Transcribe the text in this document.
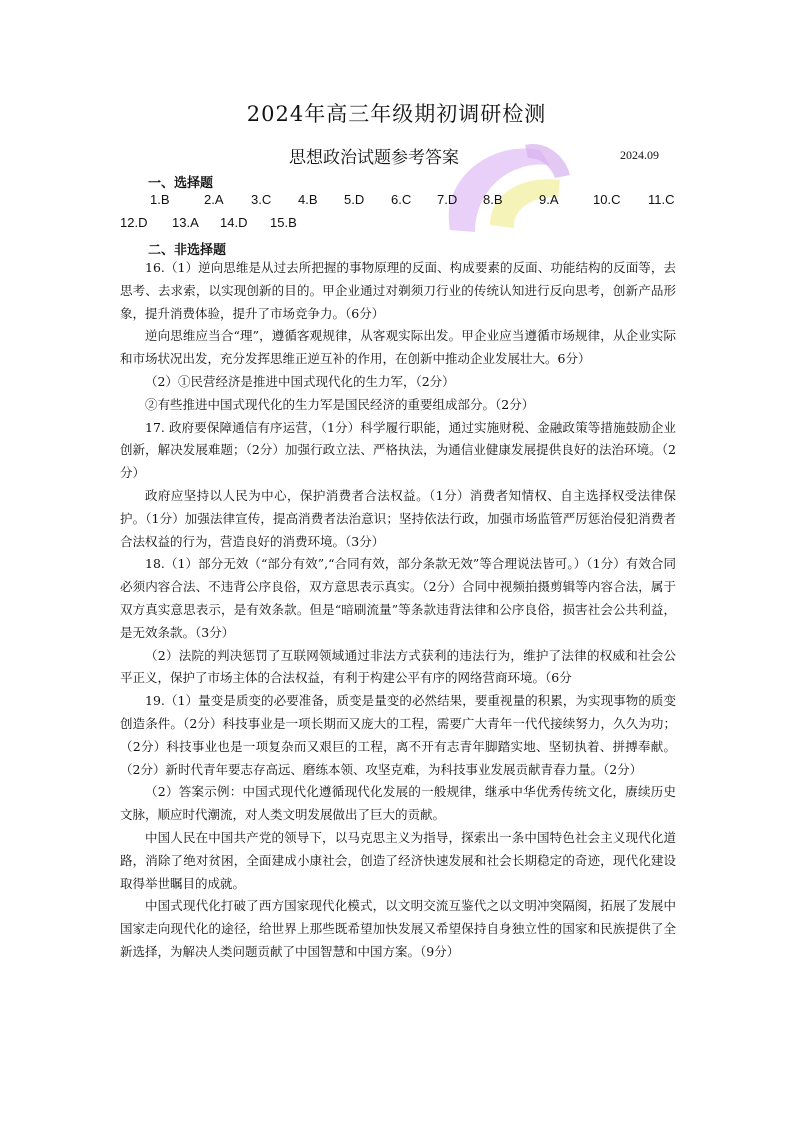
2024年高三年级期初调研检测
思想政治试题参考答案	2024.09
一、选择题
1.B	2.A 3.C 4.B 5.D 6.C 7.D 8.B	9.A	10.C 11.C
12.D 13.A 14.D 15.B
二、非选择题

16.（1）逆向思维是从过去所把握的事物原理的反面、构成要素的反面、功能结构的反面等，去思考、去求索，以实现创新的目的。甲企业通过对剃须刀行业的传统认知进行反向思考，创新产品形象，提升消费体验，提升了市场竞争力。（6分）

逆向思维应当合“理”，遵循客观规律，从客观实际出发。甲企业应当遵循市场规律，从企业实际和市场状况出发，充分发挥思维正逆互补的作用，在创新中推动企业发展壮大。6分）

（2）①民营经济是推进中国式现代化的生力军，（2分）

②有些推进中国式现代化的生力军是国民经济的重要组成部分。（2分）

17. 政府要保障通信有序运营，（1分）科学履行职能，通过实施财税、金融政策等措施鼓励企业创新，解决发展难题；（2分）加强行政立法、严格执法，为通信业健康发展提供良好的法治环境。（2分）

政府应坚持以人民为中心，保护消费者合法权益。（1分）消费者知情权、自主选择权受法律保护。（1分）加强法律宣传，提高消费者法治意识；坚持依法行政，加强市场监管严厉惩治侵犯消费者合法权益的行为，营造良好的消费环境。（3分）

18.（1）部分无效（“部分有效”,“合同有效，部分条款无效”等合理说法皆可。）（1分）有效合同必须内容合法、不违背公序良俗，双方意思表示真实。（2分）合同中视频拍摄剪辑等内容合法，属于双方真实意思表示，是有效条款。但是“暗刷流量”等条款违背法律和公序良俗，损害社会公共利益，是无效条款。（3分）

（2）法院的判决惩罚了互联网领域通过非法方式获利的违法行为，维护了法律的权威和社会公平正义，保护了市场主体的合法权益，有利于构建公平有序的网络营商环境。（6分

19.（1）量变是质变的必要准备，质变是量变的必然结果，要重视量的积累，为实现事物的质变创造条件。（2分）科技事业是一项长期而又庞大的工程，需要广大青年一代代接续努力，久久为功；（2分）科技事业也是一项复杂而又艰巨的工程，离不开有志青年脚踏实地、坚韧执着、拼搏奉献。（2分）新时代青年要志存高远、磨练本领、攻坚克难，为科技事业发展贡献青春力量。（2分）

（2）答案示例：中国式现代化遵循现代化发展的一般规律，继承中华优秀传统文化，赓续历史文脉，顺应时代潮流，对人类文明发展做出了巨大的贡献。

中国人民在中国共产党的领导下，以马克思主义为指导，探索出一条中国特色社会主义现代化道路，消除了绝对贫困，全面建成小康社会，创造了经济快速发展和社会长期稳定的奇迹，现代化建设取得举世瞩目的成就。

中国式现代化打破了西方国家现代化模式，以文明交流互鉴代之以文明冲突隔阂，拓展了发展中国家走向现代化的途径，给世界上那些既希望加快发展又希望保持自身独立性的国家和民族提供了全新选择，为解决人类问题贡献了中国智慧和中国方案。（9分）
